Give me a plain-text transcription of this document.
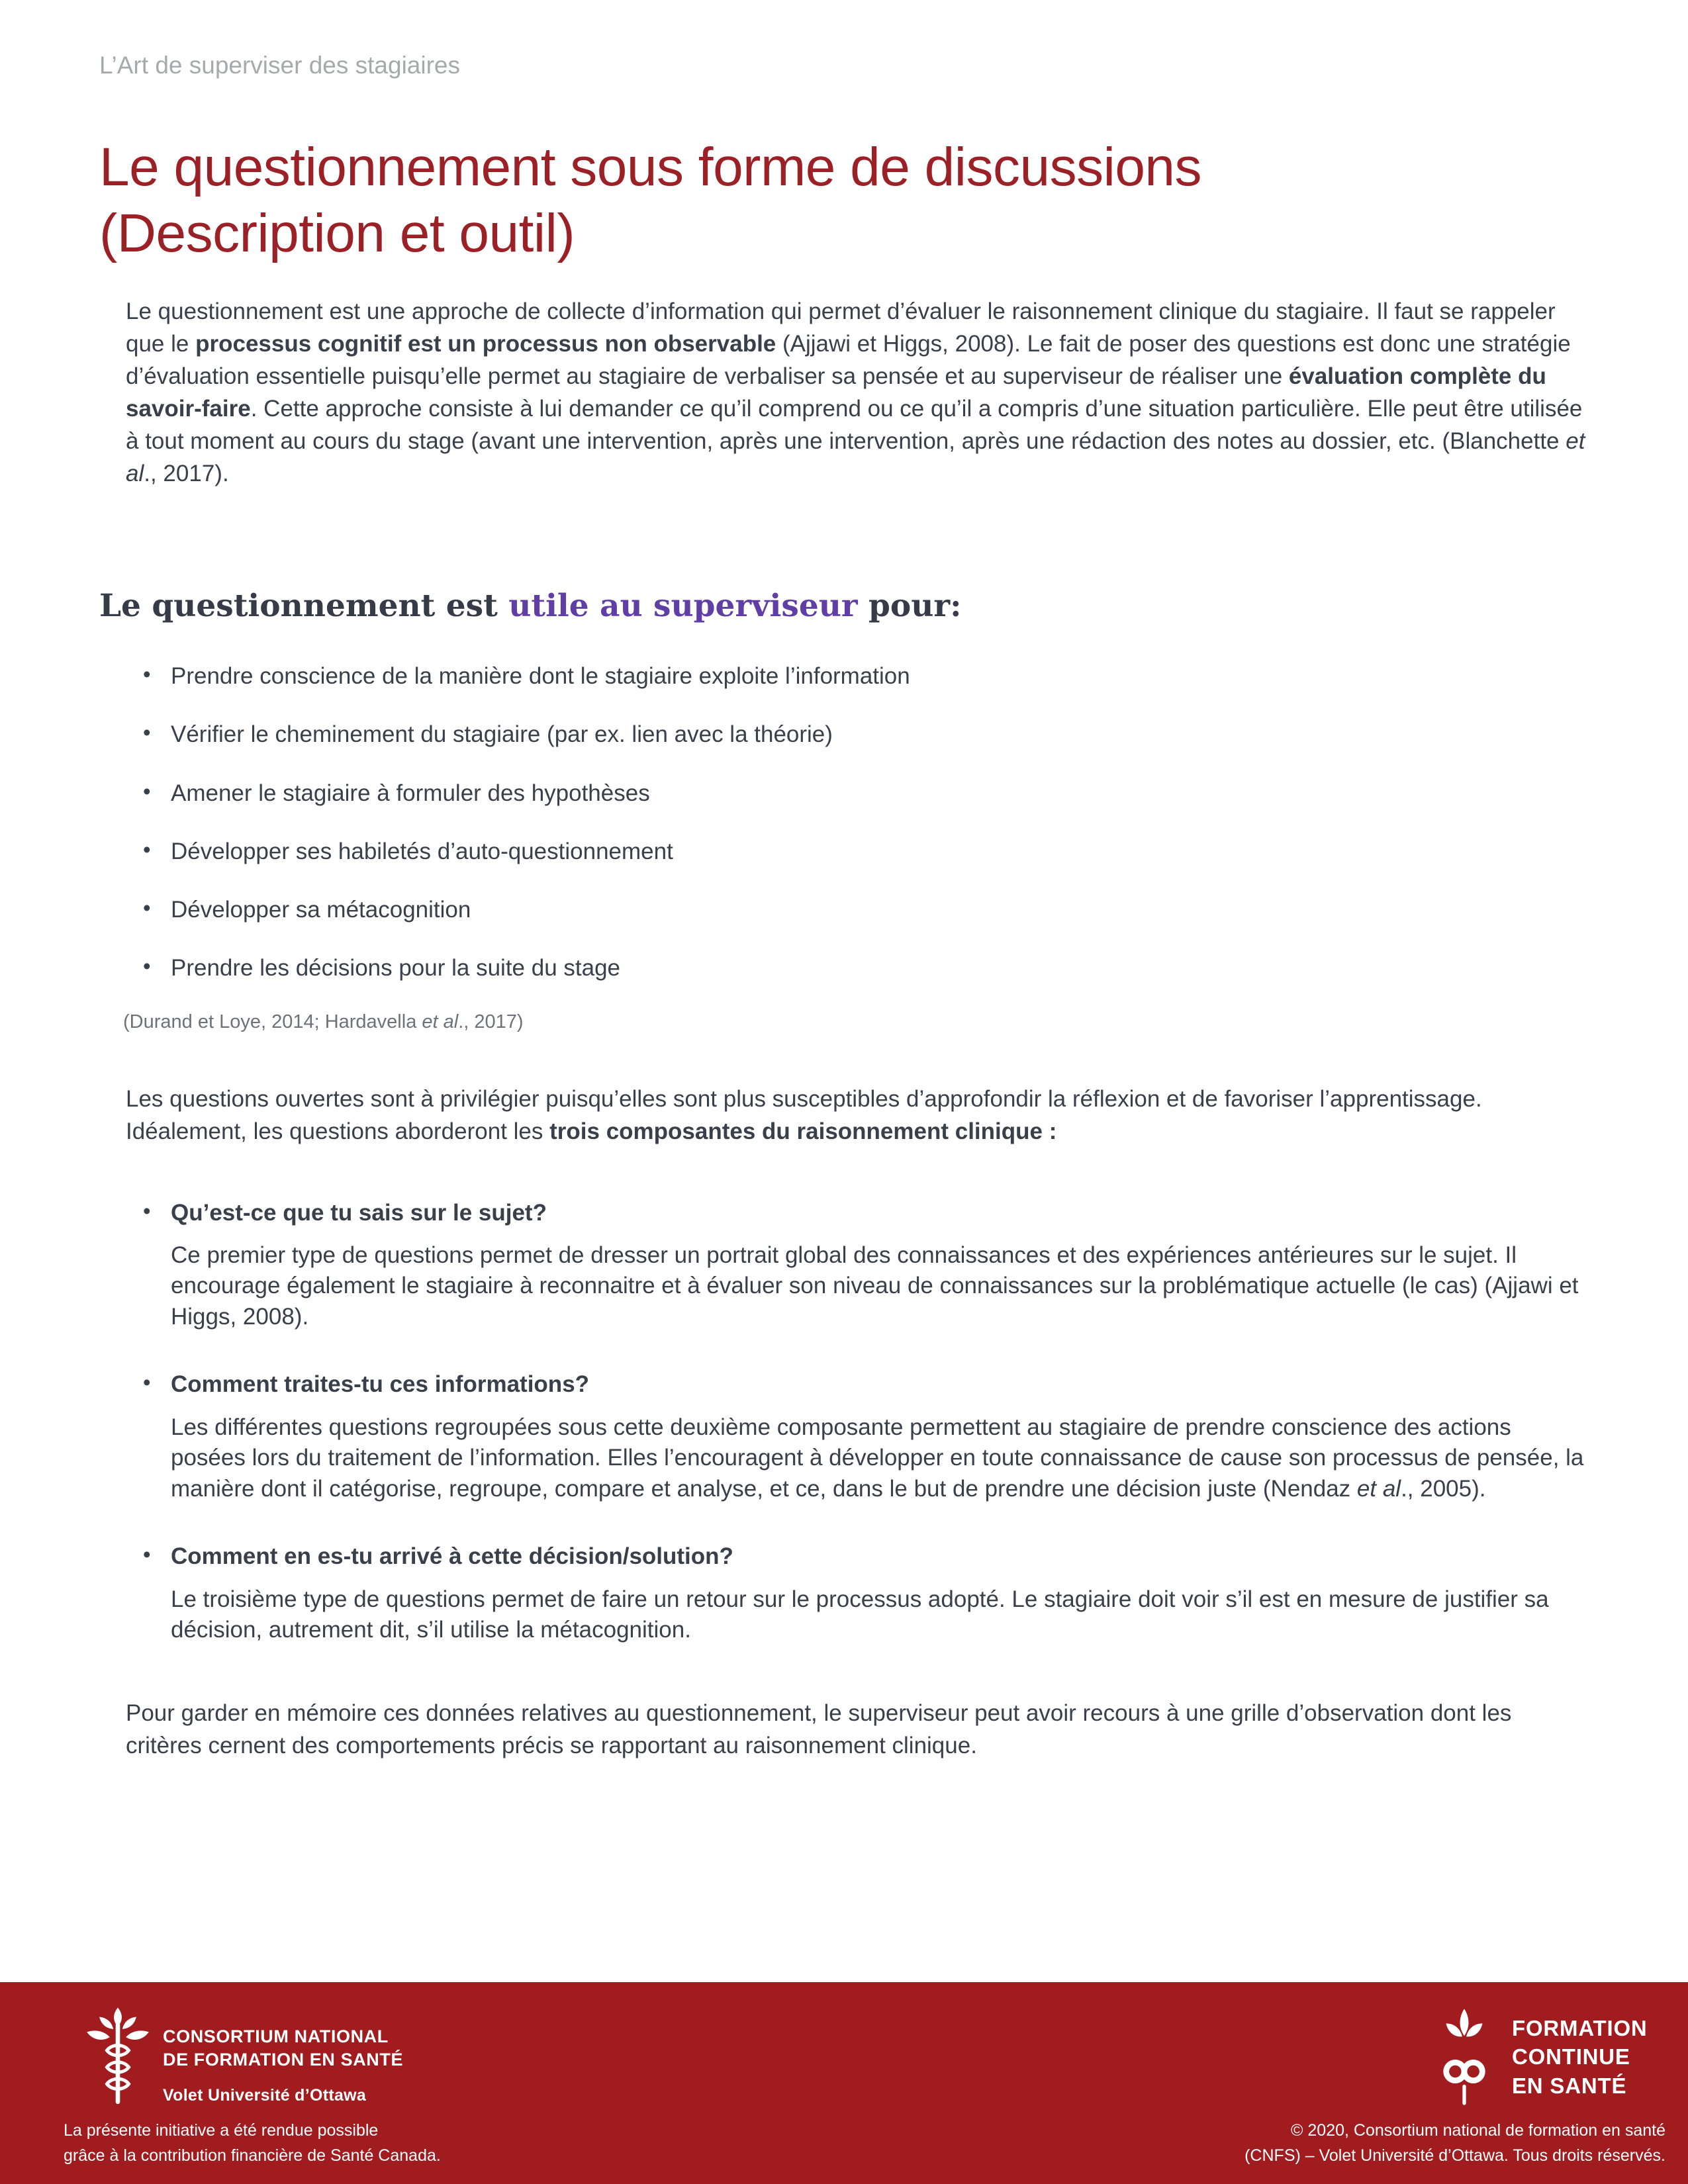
L’Art de superviser des stagiaires

Le questionnement sous forme de discussions
(Description et outil)

Le questionnement est une approche de collecte d’information qui permet d’évaluer le raisonnement clinique du stagiaire. Il faut se rappeler que le processus cognitif est un processus non observable (Ajjawi et Higgs, 2008). Le fait de poser des questions est donc une stratégie d’évaluation essentielle puisqu’elle permet au stagiaire de verbaliser sa pensée et au superviseur de réaliser une évaluation complète du savoir-faire. Cette approche consiste à lui demander ce qu’il comprend ou ce qu’il a compris d’une situation particulière. Elle peut être utilisée à tout moment au cours du stage (avant une intervention, après une intervention, après une rédaction des notes au dossier, etc. (Blanchette et al., 2017).

Le questionnement est utile au superviseur pour:
• Prendre conscience de la manière dont le stagiaire exploite l’information
• Vérifier le cheminement du stagiaire (par ex. lien avec la théorie)
• Amener le stagiaire à formuler des hypothèses
• Développer ses habiletés d’auto-questionnement
• Développer sa métacognition
• Prendre les décisions pour la suite du stage

(Durand et Loye, 2014; Hardavella et al., 2017)

Les questions ouvertes sont à privilégier puisqu’elles sont plus susceptibles d’approfondir la réflexion et de favoriser l’apprentissage. Idéalement, les questions aborderont les trois composantes du raisonnement clinique :

• Qu’est-ce que tu sais sur le sujet?

Ce premier type de questions permet de dresser un portrait global des connaissances et des expériences antérieures sur le sujet. Il encourage également le stagiaire à reconnaitre et à évaluer son niveau de connaissances sur la problématique actuelle (le cas) (Ajjawi et Higgs, 2008).

• Comment traites-tu ces informations?

Les différentes questions regroupées sous cette deuxième composante permettent au stagiaire de prendre conscience des actions posées lors du traitement de l’information. Elles l’encouragent à développer en toute connaissance de cause son processus de pensée, la manière dont il catégorise, regroupe, compare et analyse, et ce, dans le but de prendre une décision juste (Nendaz et al., 2005).

• Comment en es-tu arrivé à cette décision/solution?

Le troisième type de questions permet de faire un retour sur le processus adopté. Le stagiaire doit voir s’il est en mesure de justifier sa décision, autrement dit, s’il utilise la métacognition.

Pour garder en mémoire ces données relatives au questionnement, le superviseur peut avoir recours à une grille d’observation dont les critères cernent des comportements précis se rapportant au raisonnement clinique.

CONSORTIUM NATIONAL
DE FORMATION EN SANTÉ
Volet Université d’Ottawa
La présente initiative a été rendue possible
grâce à la contribution financière de Santé Canada.
FORMATION
CONTINUE
EN SANTÉ
© 2020, Consortium national de formation en santé
(CNFS) – Volet Université d’Ottawa. Tous droits réservés.
